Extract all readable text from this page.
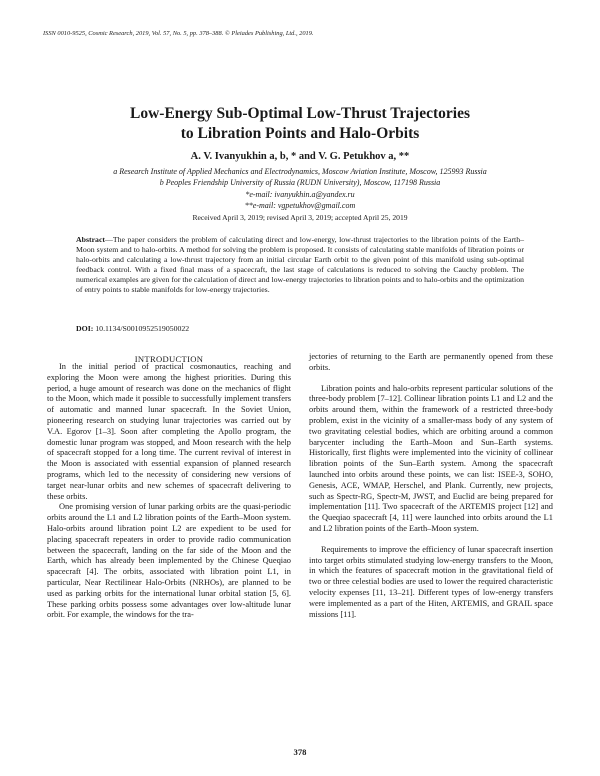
ISSN 0010-9525, Cosmic Research, 2019, Vol. 57, No. 5, pp. 378–388. © Pleiades Publishing, Ltd., 2019.
Low-Energy Sub-Optimal Low-Thrust Trajectories
to Libration Points and Halo-Orbits
A. V. Ivanyukhin a, b, * and V. G. Petukhov a, **
a Research Institute of Applied Mechanics and Electrodynamics, Moscow Aviation Institute, Moscow, 125993 Russia
b Peoples Friendship University of Russia (RUDN University), Moscow, 117198 Russia
*e-mail: ivanyukhin.a@yandex.ru
**e-mail: vgpetukhov@gmail.com
Received April 3, 2019; revised April 3, 2019; accepted April 25, 2019
Abstract—The paper considers the problem of calculating direct and low-energy, low-thrust trajectories to the libration points of the Earth–Moon system and to halo-orbits. A method for solving the problem is proposed. It consists of calculating stable manifolds of libration points or halo-orbits and calculating a low-thrust trajectory from an initial circular Earth orbit to the given point of this manifold using sub-optimal feedback control. With a fixed final mass of a spacecraft, the last stage of calculations is reduced to solving the Cauchy problem. The numerical examples are given for the calculation of direct and low-energy trajectories to libration points and to halo-orbits and the optimization of entry points to stable manifolds for low-energy trajectories.
DOI: 10.1134/S0010952519050022
INTRODUCTION

In the initial period of practical cosmonautics, reaching and exploring the Moon were among the highest priorities. During this period, a huge amount of research was done on the mechanics of flight to the Moon, which made it possible to successfully implement transfers of automatic and manned lunar spacecraft. In the Soviet Union, pioneering research on studying lunar trajectories was carried out by V.A. Egorov [1–3]. Soon after completing the Apollo program, the domestic lunar program was stopped, and Moon research with the help of spacecraft stopped for a long time. The current revival of interest in the Moon is associated with essential expansion of planned research programs, which led to the necessity of considering new versions of target near-lunar orbits and new schemes of spacecraft delivering to these orbits.

One promising version of lunar parking orbits are the quasi-periodic orbits around the L1 and L2 libration points of the Earth–Moon system. Halo-orbits around libration point L2 are expedient to be used for placing spacecraft repeaters in order to provide radio communication between the spacecraft, landing on the far side of the Moon and the Earth, which has already been implemented by the Chinese Queqiao spacecraft [4]. The orbits, associated with libration point L1, in particular, Near Rectilinear Halo-Orbits (NRHOs), are planned to be used as parking orbits for the international lunar orbital station [5, 6]. These parking orbits possess some advantages over low-altitude lunar orbit. For example, the windows for the tra-

jectories of returning to the Earth are permanently opened from these orbits.

Libration points and halo-orbits represent particular solutions of the three-body problem [7–12]. Collinear libration points L1 and L2 and the orbits around them, within the framework of a restricted three-body problem, exist in the vicinity of a smaller-mass body of any system of two gravitating celestial bodies, which are orbiting around a common barycenter including the Earth–Moon and Sun–Earth systems. Historically, first flights were implemented into the vicinity of collinear libration points of the Sun–Earth system. Among the spacecraft launched into orbits around these points, we can list: ISEE-3, SOHO, Genesis, ACE, WMAP, Herschel, and Plank. Currently, new projects, such as Spectr-RG, Spectr-M, JWST, and Euclid are being prepared for implementation [11]. Two spacecraft of the ARTEMIS project [12] and the Queqiao spacecraft [4, 11] were launched into orbits around the L1 and L2 libration points of the Earth–Moon system.

Requirements to improve the efficiency of lunar spacecraft insertion into target orbits stimulated studying low-energy transfers to the Moon, in which the features of spacecraft motion in the gravitational field of two or three celestial bodies are used to lower the required characteristic velocity expenses [11, 13–21]. Different types of low-energy transfers were implemented as a part of the Hiten, ARTEMIS, and GRAIL space missions [11].

378
